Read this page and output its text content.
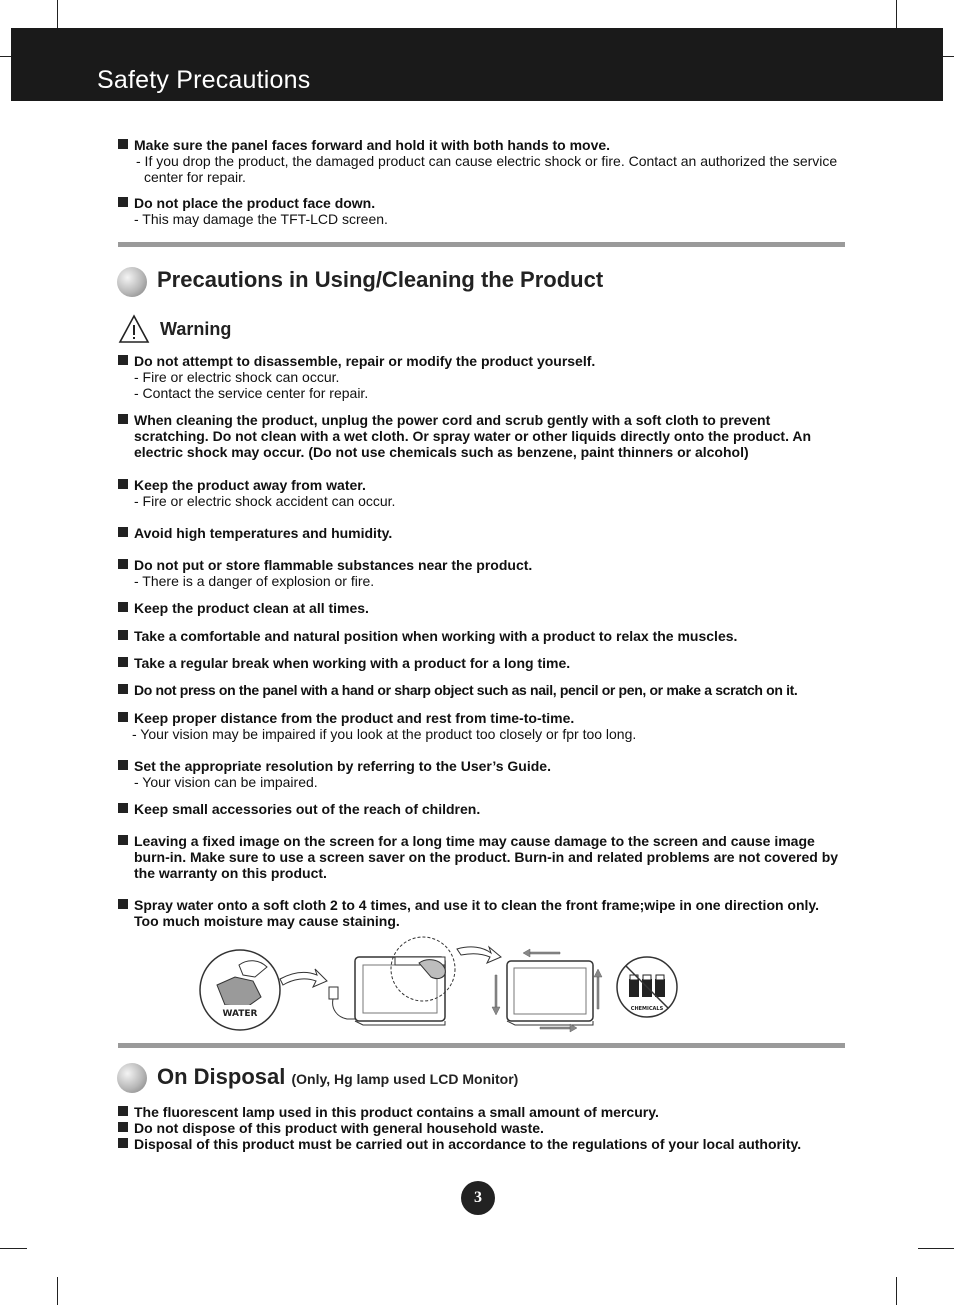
Safety Precautions
Make sure the panel faces forward and hold it with both hands to move.
- If you drop the product, the damaged product can cause electric shock or fire. Contact an authorized the service center for repair.
Do not place the product face down.
- This may damage the TFT-LCD screen.
Precautions in Using/Cleaning the Product
Warning
Do not attempt to disassemble, repair or modify the product yourself.
- Fire or electric shock can occur.
- Contact the service center for repair.
When cleaning the product, unplug the power cord and scrub gently with a soft cloth to prevent scratching. Do not clean with a wet cloth. Or spray water or other liquids directly onto the product. An electric shock may occur. (Do not use chemicals such as benzene, paint thinners or alcohol)
Keep the product away from water.
- Fire or electric shock accident can occur.
Avoid high temperatures and humidity.
Do not put or store flammable substances near the product.
- There is a danger of explosion or fire.
Keep the product clean at all times.
Take a comfortable and natural position when working with a product to relax the muscles.
Take a regular break when working with a product for a long time.
Do not press on the panel with a hand or sharp object such as nail, pencil or pen, or make a scratch on it.
Keep proper distance from the product and rest from time-to-time.
- Your vision may be impaired if you look at the product too closely or fpr too long.
Set the appropriate resolution by referring to the User’s Guide.
- Your vision can be impaired.
Keep small accessories out of the reach of children.
Leaving a fixed image on the screen for a long time may cause damage to the screen and cause image burn-in. Make sure to use a screen saver on the product. Burn-in and related problems are not covered by the warranty on this product.
Spray water onto a soft cloth 2 to 4 times, and use it to clean the front frame;wipe in one direction only. Too much moisture may cause staining.
WATER	CHEMICALS
On Disposal (Only, Hg lamp used LCD Monitor)
The fluorescent lamp used in this product contains a small amount of mercury.
Do not dispose of this product with general household waste.
Disposal of this product must be carried out in accordance to the regulations of your local authority.
3
